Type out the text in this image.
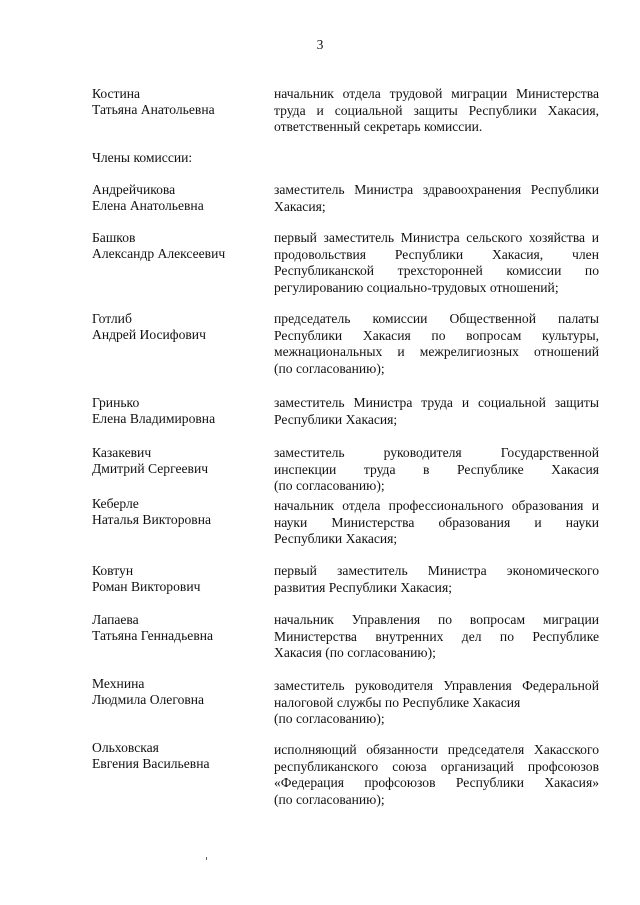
3
Костина
Татьяна Анатольевна
начальник отдела трудовой миграции Министерства
труда и социальной защиты Республики Хакасия,
ответственный секретарь комиссии.
Члены комиссии:
Андрейчикова
Елена Анатольевна
заместитель Министра здравоохранения Республики
Хакасия;
Башков
Александр Алексеевич
первый заместитель Министра сельского хозяйства и
продовольствия Республики Хакасия, член
Республиканской трехсторонней комиссии по
регулированию социально-трудовых отношений;
Готлиб
Андрей Иосифович
председатель комиссии Общественной палаты
Республики Хакасия по вопросам культуры,
межнациональных и межрелигиозных отношений
(по согласованию);
Гринько
Елена Владимировна
заместитель Министра труда и социальной защиты
Республики Хакасия;
Казакевич
Дмитрий Сергеевич
заместитель руководителя Государственной
инспекции труда в Республике Хакасия
(по согласованию);
Кеберле
Наталья Викторовна
начальник отдела профессионального образования и
науки Министерства образования и науки
Республики Хакасия;
Ковтун
Роман Викторович
первый заместитель Министра экономического
развития Республики Хакасия;
Лапаева
Татьяна Геннадьевна
начальник Управления по вопросам миграции
Министерства внутренних дел по Республике
Хакасия (по согласованию);
Мехнина
Людмила Олеговна
заместитель руководителя Управления Федеральной
налоговой службы по Республике Хакасия
(по согласованию);
Ольховская
Евгения Васильевна
исполняющий обязанности председателя Хакасского
республиканского союза организаций профсоюзов
«Федерация профсоюзов Республики Хакасия»
(по согласованию);
